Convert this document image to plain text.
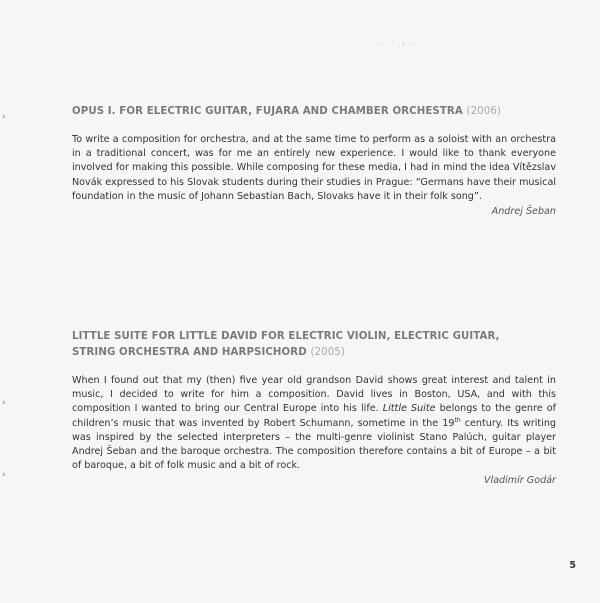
· ˙ : ·
›
›
›
OPUS I. FOR ELECTRIC GUITAR, FUJARA AND CHAMBER ORCHESTRA (2006)
To write a composition for orchestra, and at the same time to perform as a soloist with an orchestra in a traditional concert, was for me an entirely new experience. I would like to thank everyone involved for making this possible. While composing for these media, I had in mind the idea Vítězslav Novák expressed to his Slovak students during their studies in Prague: “Germans have their musical foundation in the music of Johann Sebastian Bach, Slovaks have it in their folk song”.
Andrej Šeban
LITTLE SUITE FOR LITTLE DAVID FOR ELECTRIC VIOLIN, ELECTRIC GUITAR,
STRING ORCHESTRA AND HARPSICHORD (2005)
When I found out that my (then) five year old grandson David shows great interest and talent in music, I decided to write for him a composition. David lives in Boston, USA, and with this composition I wanted to bring our Central Europe into his life. Little Suite belongs to the genre of children’s music that was invented by Robert Schumann, sometime in the 19th century. Its writing was inspired by the selected interpreters – the multi-genre violinist Stano Palúch, guitar player Andrej Šeban and the baroque orchestra. The composition therefore contains a bit of Europe – a bit of baroque, a bit of folk music and a bit of rock.
Vladimír Godár
5
